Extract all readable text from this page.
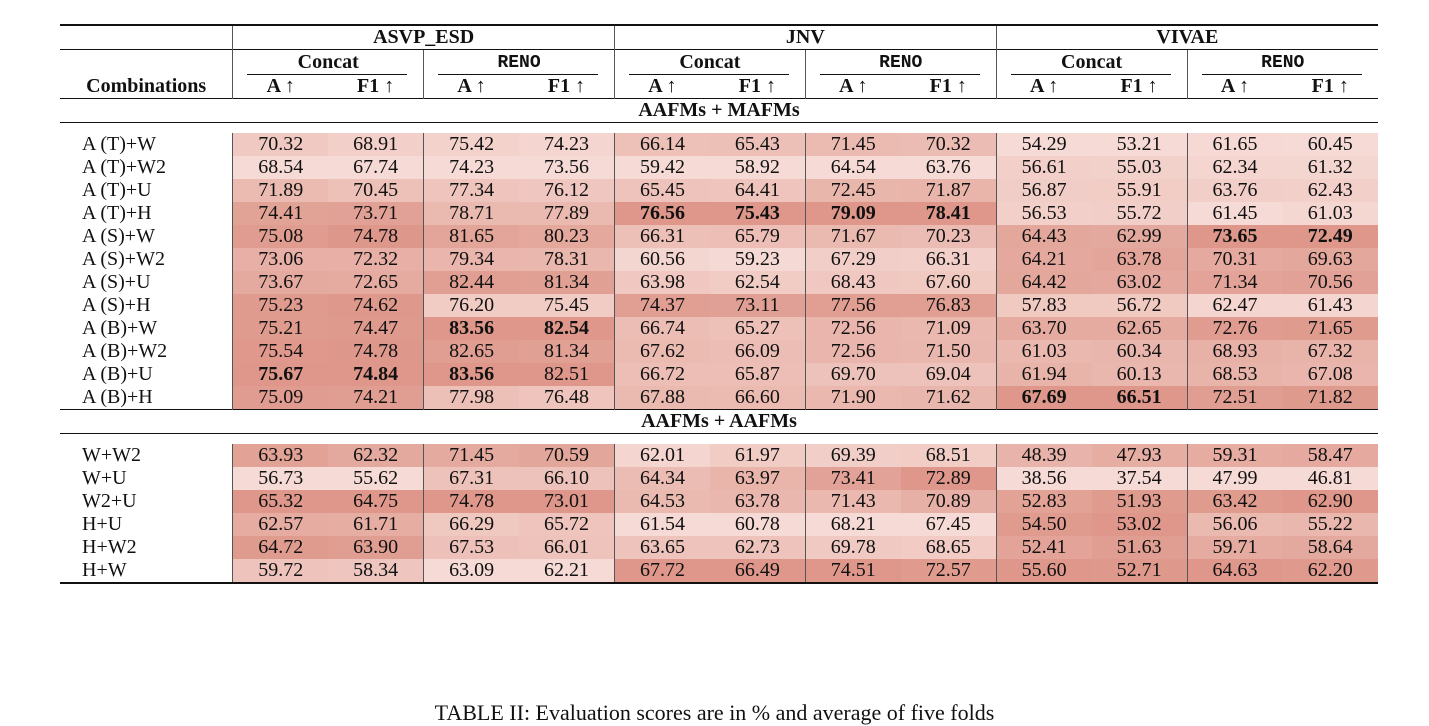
	ASVP_ESD				JNV				VIVAE			
	Concat		RENO		Concat		RENO		Concat		RENO	
Combinations	A ↑	F1 ↑	A ↑	F1 ↑	A ↑	F1 ↑	A ↑	F1 ↑	A ↑	F1 ↑	A ↑	F1 ↑
AAFMs + MAFMs												

A (T)+W	70.32	68.91	75.42	74.23	66.14	65.43	71.45	70.32	54.29	53.21	61.65	60.45
A (T)+W2	68.54	67.74	74.23	73.56	59.42	58.92	64.54	63.76	56.61	55.03	62.34	61.32
A (T)+U	71.89	70.45	77.34	76.12	65.45	64.41	72.45	71.87	56.87	55.91	63.76	62.43
A (T)+H	74.41	73.71	78.71	77.89	76.56	75.43	79.09	78.41	56.53	55.72	61.45	61.03
A (S)+W	75.08	74.78	81.65	80.23	66.31	65.79	71.67	70.23	64.43	62.99	73.65	72.49
A (S)+W2	73.06	72.32	79.34	78.31	60.56	59.23	67.29	66.31	64.21	63.78	70.31	69.63
A (S)+U	73.67	72.65	82.44	81.34	63.98	62.54	68.43	67.60	64.42	63.02	71.34	70.56
A (S)+H	75.23	74.62	76.20	75.45	74.37	73.11	77.56	76.83	57.83	56.72	62.47	61.43
A (B)+W	75.21	74.47	83.56	82.54	66.74	65.27	72.56	71.09	63.70	62.65	72.76	71.65
A (B)+W2	75.54	74.78	82.65	81.34	67.62	66.09	72.56	71.50	61.03	60.34	68.93	67.32
A (B)+U	75.67	74.84	83.56	82.51	66.72	65.87	69.70	69.04	61.94	60.13	68.53	67.08
A (B)+H	75.09	74.21	77.98	76.48	67.88	66.60	71.90	71.62	67.69	66.51	72.51	71.82
AAFMs + AAFMs												

W+W2	63.93	62.32	71.45	70.59	62.01	61.97	69.39	68.51	48.39	47.93	59.31	58.47
W+U	56.73	55.62	67.31	66.10	64.34	63.97	73.41	72.89	38.56	37.54	47.99	46.81
W2+U	65.32	64.75	74.78	73.01	64.53	63.78	71.43	70.89	52.83	51.93	63.42	62.90
H+U	62.57	61.71	66.29	65.72	61.54	60.78	68.21	67.45	54.50	53.02	56.06	55.22
H+W2	64.72	63.90	67.53	66.01	63.65	62.73	69.78	68.65	52.41	51.63	59.71	58.64
H+W	59.72	58.34	63.09	62.21	67.72	66.49	74.51	72.57	55.60	52.71	64.63	62.20
TABLE II: Evaluation scores are in % and average of five folds
